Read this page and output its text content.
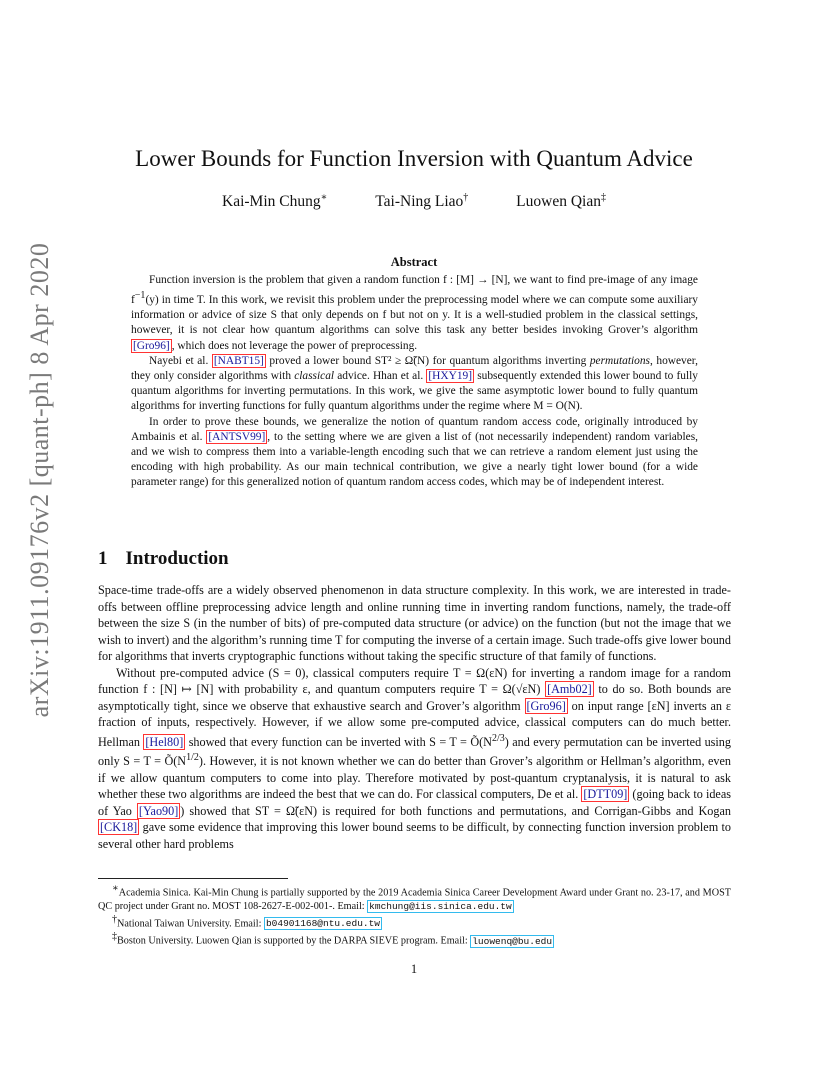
arXiv:1911.09176v2 [quant-ph] 8 Apr 2020
Lower Bounds for Function Inversion with Quantum Advice
Kai-Min Chung∗	Tai-Ning Liao†	Luowen Qian‡
Abstract

Function inversion is the problem that given a random function f : [M] → [N], we want to find pre-image of any image $f^{-1}(y)$ in time T. In this work, we revisit this problem under the preprocessing model where we can compute some auxiliary information or advice of size S that only depends on f but not on y. It is a well-studied problem in the classical settings, however, it is not clear how quantum algorithms can solve this task any better besides invoking Grover’s algorithm [Gro96] , which does not leverage the power of preprocessing.

Nayebi et al. [NABT15] proved a lower bound ST² ≥ Ω̃(N) for quantum algorithms inverting permutations, however, they only consider algorithms with classical advice. Hhan et al. [HXY19] subsequently extended this lower bound to fully quantum algorithms for inverting permutations. In this work, we give the same asymptotic lower bound to fully quantum algorithms for inverting functions for fully quantum algorithms under the regime where M = O(N).

In order to prove these bounds, we generalize the notion of quantum random access code, originally introduced by Ambainis et al. [ANTSV99] , to the setting where we are given a list of (not necessarily independent) random variables, and we wish to compress them into a variable-length encoding such that we can retrieve a random element just using the encoding with high probability. As our main technical contribution, we give a nearly tight lower bound (for a wide parameter range) for this generalized notion of quantum random access codes, which may be of independent interest.

1 Introduction

Space-time trade-offs are a widely observed phenomenon in data structure complexity. In this work, we are interested in trade-offs between offline preprocessing advice length and online running time in inverting random functions, namely, the trade-off between the size S (in the number of bits) of pre-computed data structure (or advice) on the function (but not the image that we wish to invert) and the algorithm’s running time T for computing the inverse of a certain image. Such trade-offs give lower bound for algorithms that inverts cryptographic functions without taking the specific structure of that family of functions.

Without pre-computed advice (S = 0), classical computers require T = Ω(εN) for inverting a random image for a random function f : [N] ↦ [N] with probability ε, and quantum computers require T = Ω(√εN) [Amb02] to do so. Both bounds are asymptotically tight, since we observe that exhaustive search and Grover’s algorithm [Gro96] on input range [εN] inverts an ε fraction of inputs, respectively. However, if we allow some pre-computed advice, classical computers can do much better. Hellman [Hel80] showed that every function can be inverted with $S = T = Õ(N^{2/3})$ and every permutation can be inverted using only $S = T = Õ(N^{1/2})$. However, it is not known whether we can do better than Grover’s algorithm or Hellman’s algorithm, even if we allow quantum computers to come into play. Therefore motivated by post-quantum cryptanalysis, it is natural to ask whether these two algorithms are indeed the best that we can do. For classical computers, De et al. [DTT09] (going back to ideas of Yao [Yao90] ) showed that ST = Ω̃(εN) is required for both functions and permutations, and Corrigan-Gibbs and Kogan [CK18] gave some evidence that improving this lower bound seems to be difficult, by connecting function inversion problem to several other hard problems

∗Academia Sinica. Kai-Min Chung is partially supported by the 2019 Academia Sinica Career Development Award under Grant no. 23-17, and MOST QC project under Grant no. MOST 108-2627-E-002-001-. Email: kmchung@iis.sinica.edu.tw

†National Taiwan University. Email: b04901168@ntu.edu.tw

‡Boston University. Luowen Qian is supported by the DARPA SIEVE program. Email: luowenq@bu.edu

1
